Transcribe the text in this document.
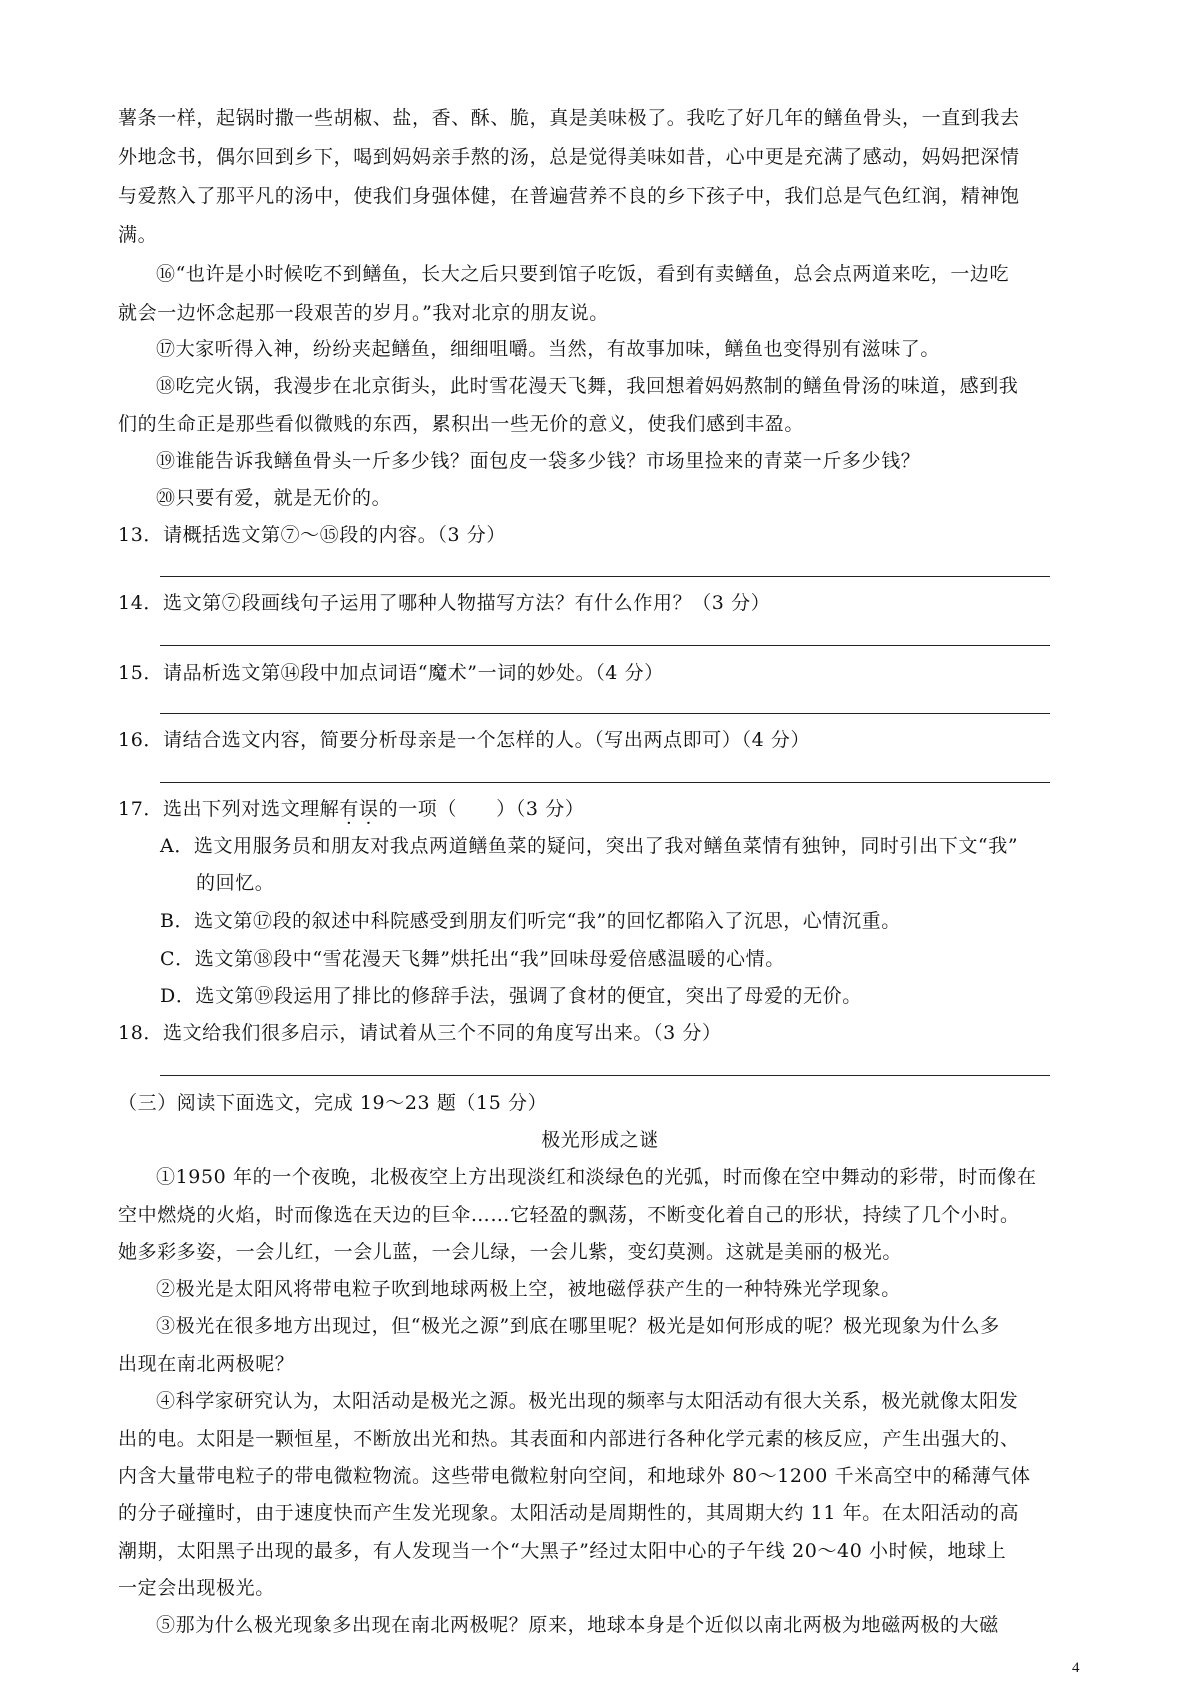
薯条一样，起锅时撒一些胡椒、盐，香、酥、脆，真是美味极了。我吃了好几年的鳝鱼骨头，一直到我去
外地念书，偶尔回到乡下，喝到妈妈亲手熬的汤，总是觉得美味如昔，心中更是充满了感动，妈妈把深情
与爱熬入了那平凡的汤中，使我们身强体健，在普遍营养不良的乡下孩子中，我们总是气色红润，精神饱
满。
⑯“也许是小时候吃不到鳝鱼，长大之后只要到馆子吃饭，看到有卖鳝鱼，总会点两道来吃，一边吃
就会一边怀念起那一段艰苦的岁月。”我对北京的朋友说。
⑰大家听得入神，纷纷夹起鳝鱼，细细咀嚼。当然，有故事加味，鳝鱼也变得别有滋味了。
⑱吃完火锅，我漫步在北京街头，此时雪花漫天飞舞，我回想着妈妈熬制的鳝鱼骨汤的味道，感到我
们的生命正是那些看似微贱的东西，累积出一些无价的意义，使我们感到丰盈。
⑲谁能告诉我鳝鱼骨头一斤多少钱？面包皮一袋多少钱？市场里捡来的青菜一斤多少钱？
⑳只要有爱，就是无价的。
13．请概括选文第⑦～⑮段的内容。（3 分）
14．选文第⑦段画线句子运用了哪种人物描写方法？有什么作用？（3 分）
15．请品析选文第⑭段中加点词语“魔术”一词的妙处。（4 分）
16．请结合选文内容，简要分析母亲是一个怎样的人。（写出两点即可）（4 分）
17．选出下列对选文理解有误的一项（　　）（3 分）
A．选文用服务员和朋友对我点两道鳝鱼菜的疑问，突出了我对鳝鱼菜情有独钟，同时引出下文“我”
的回忆。
B．选文第⑰段的叙述中科院感受到朋友们听完“我”的回忆都陷入了沉思，心情沉重。
C．选文第⑱段中“雪花漫天飞舞”烘托出“我”回味母爱倍感温暖的心情。
D．选文第⑲段运用了排比的修辞手法，强调了食材的便宜，突出了母爱的无价。
18．选文给我们很多启示，请试着从三个不同的角度写出来。（3 分）
（三）阅读下面选文，完成 19～23 题（15 分）
极光形成之谜
①1950 年的一个夜晚，北极夜空上方出现淡红和淡绿色的光弧，时而像在空中舞动的彩带，时而像在
空中燃烧的火焰，时而像选在天边的巨伞……它轻盈的飘荡，不断变化着自己的形状，持续了几个小时。
她多彩多姿，一会儿红，一会儿蓝，一会儿绿，一会儿紫，变幻莫测。这就是美丽的极光。
②极光是太阳风将带电粒子吹到地球两极上空，被地磁俘获产生的一种特殊光学现象。
③极光在很多地方出现过，但“极光之源”到底在哪里呢？极光是如何形成的呢？极光现象为什么多
出现在南北两极呢？
④科学家研究认为，太阳活动是极光之源。极光出现的频率与太阳活动有很大关系，极光就像太阳发
出的电。太阳是一颗恒星，不断放出光和热。其表面和内部进行各种化学元素的核反应，产生出强大的、
内含大量带电粒子的带电微粒物流。这些带电微粒射向空间，和地球外 80～1200 千米高空中的稀薄气体
的分子碰撞时，由于速度快而产生发光现象。太阳活动是周期性的，其周期大约 11 年。在太阳活动的高
潮期，太阳黑子出现的最多，有人发现当一个“大黑子”经过太阳中心的子午线 20～40 小时候，地球上
一定会出现极光。
⑤那为什么极光现象多出现在南北两极呢？原来，地球本身是个近似以南北两极为地磁两极的大磁
4
